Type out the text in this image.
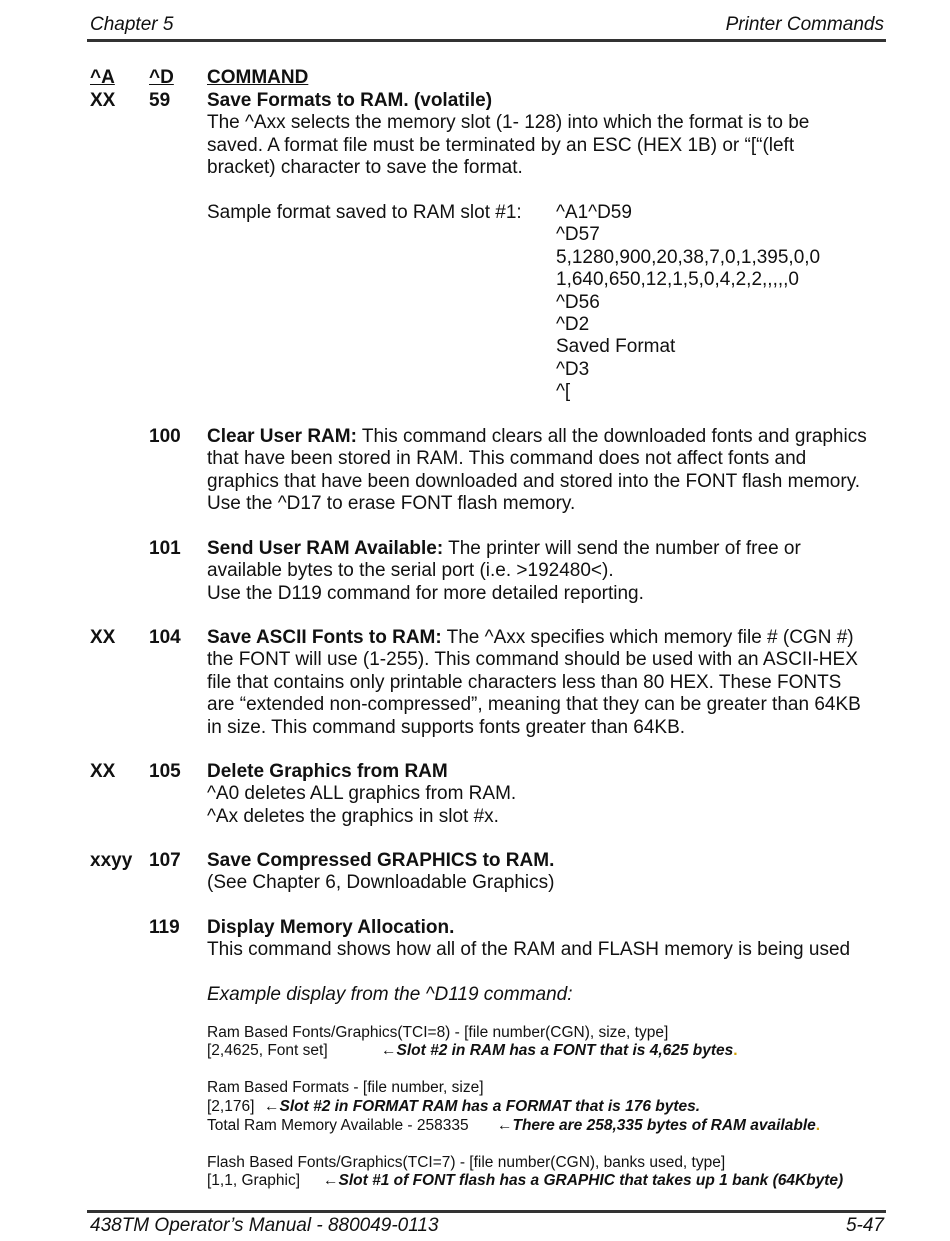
Chapter 5	Printer Commands
^A ^D COMMAND
XX 59 Save Formats to RAM. (volatile)
The ^Axx selects the memory slot (1- 128) into which the format is to be
saved. A format file must be terminated by an ESC (HEX 1B) or “[“(left
bracket) character to save the format.
Sample format saved to RAM slot #1:	^A1^D59
^D57
5,1280,900,20,38,7,0,1,395,0,0
1,640,650,12,1,5,0,4,2,2,,,,,0
^D56
^D2
Saved Format
^D3
^[
100 Clear User RAM: This command clears all the downloaded fonts and graphics
that have been stored in RAM. This command does not affect fonts and
graphics that have been downloaded and stored into the FONT flash memory.
Use the ^D17 to erase FONT flash memory.
101 Send User RAM Available: The printer will send the number of free or
available bytes to the serial port (i.e. >192480<).
Use the D119 command for more detailed reporting.
XX 104 Save ASCII Fonts to RAM: The ^Axx specifies which memory file # (CGN #)
the FONT will use (1-255). This command should be used with an ASCII-HEX
file that contains only printable characters less than 80 HEX. These FONTS
are “extended non-compressed”, meaning that they can be greater than 64KB
in size. This command supports fonts greater than 64KB.
XX 105 Delete Graphics from RAM
^A0 deletes ALL graphics from RAM.
^Ax deletes the graphics in slot #x.
xxyy 107 Save Compressed GRAPHICS to RAM.
(See Chapter 6, Downloadable Graphics)
119 Display Memory Allocation.
This command shows how all of the RAM and FLASH memory is being used
Example display from the ^D119 command:
Ram Based Fonts/Graphics(TCI=8) - [file number(CGN), size, type]
[2,4625, Font set]	←Slot #2 in RAM has a FONT that is 4,625 bytes.
Ram Based Formats - [file number, size]
[2,176] ←Slot #2 in FORMAT RAM has a FORMAT that is 176 bytes.
Total Ram Memory Available - 258335 ←There are 258,335 bytes of RAM available.
Flash Based Fonts/Graphics(TCI=7) - [file number(CGN), banks used, type]
[1,1, Graphic] ←Slot #1 of FONT flash has a GRAPHIC that takes up 1 bank (64Kbyte)
438TM Operator’s Manual - 880049-0113	5-47
